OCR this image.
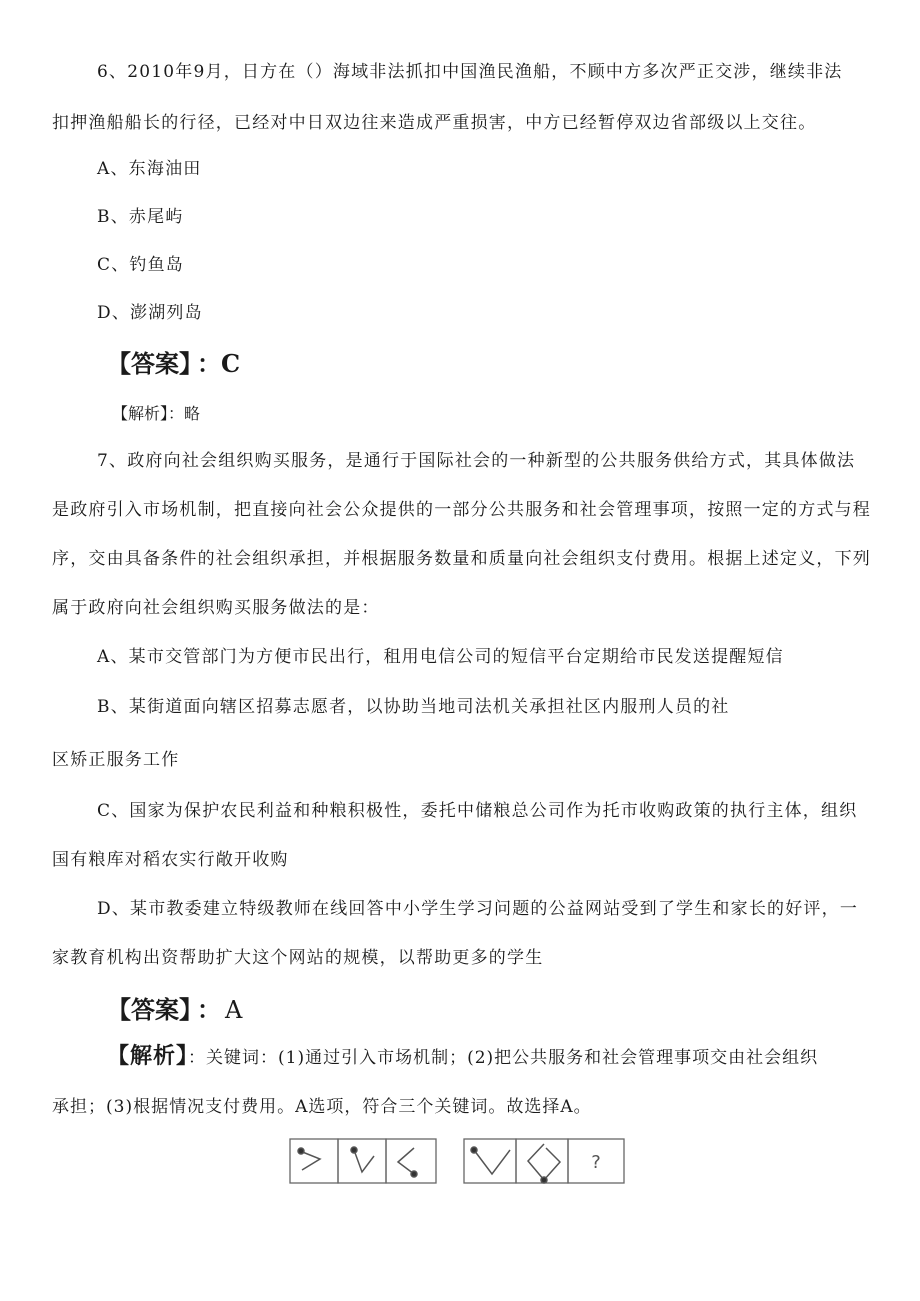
6、2010年9月，日方在（）海域非法抓扣中国渔民渔船，不顾中方多次严正交涉，继续非法
扣押渔船船长的行径，已经对中日双边往来造成严重损害，中方已经暂停双边省部级以上交往。
A、东海油田
B、赤尾屿
C、钓鱼岛
D、澎湖列岛
【答案】 ：C
【解析】：略
7、政府向社会组织购买服务，是通行于国际社会的一种新型的公共服务供给方式，其具体做法
是政府引入市场机制，把直接向社会公众提供的一部分公共服务和社会管理事项，按照一定的方式与程
序，交由具备条件的社会组织承担，并根据服务数量和质量向社会组织支付费用。根据上述定义，下列
属于政府向社会组织购买服务做法的是：
A、某市交管部门为方便市民出行，租用电信公司的短信平台定期给市民发送提醒短信
B、某街道面向辖区招募志愿者，以协助当地司法机关承担社区内服刑人员的社
区矫正服务工作
C、国家为保护农民利益和种粮积极性，委托中储粮总公司作为托市收购政策的执行主体，组织
国有粮库对稻农实行敞开收购
D、某市教委建立特级教师在线回答中小学生学习问题的公益网站受到了学生和家长的好评，一
家教育机构出资帮助扩大这个网站的规模，以帮助更多的学生
【答案】 ： A
【解析】：关键词：(1)通过引入市场机制；(2)把公共服务和社会管理事项交由社会组织
承担；(3)根据情况支付费用。A选项，符合三个关键词。故选择A。
?
